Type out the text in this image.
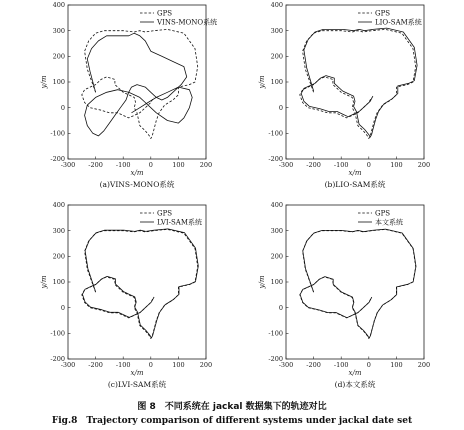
-300 -200 -100	0	100 200
-200
-100
0
100
200
300
400
x/m
y/m
GPS
VINS-MONO系统
(a)VINS-MONO系统
-300 -200 -100	0	100 200
-200
-100
0
100
200
300
400
x/m
y/m
GPS
LIO-SAM系统
(b)LIO-SAM系统
-300 -200 -100	0	100 200
-200
-100
0
100
200
300
400
x/m
y/m
GPS
LVI-SAM系统
(c)LVI-SAM系统
-300 -200 -100	0	100 200
-200
-100
0
100
200
300
400
x/m
y/m
GPS
本文系统
(d)本文系统
图 8　不同系统在 jackal 数据集下的轨迹对比
Fig.8　Trajectory comparison of different systems under jackal date set
